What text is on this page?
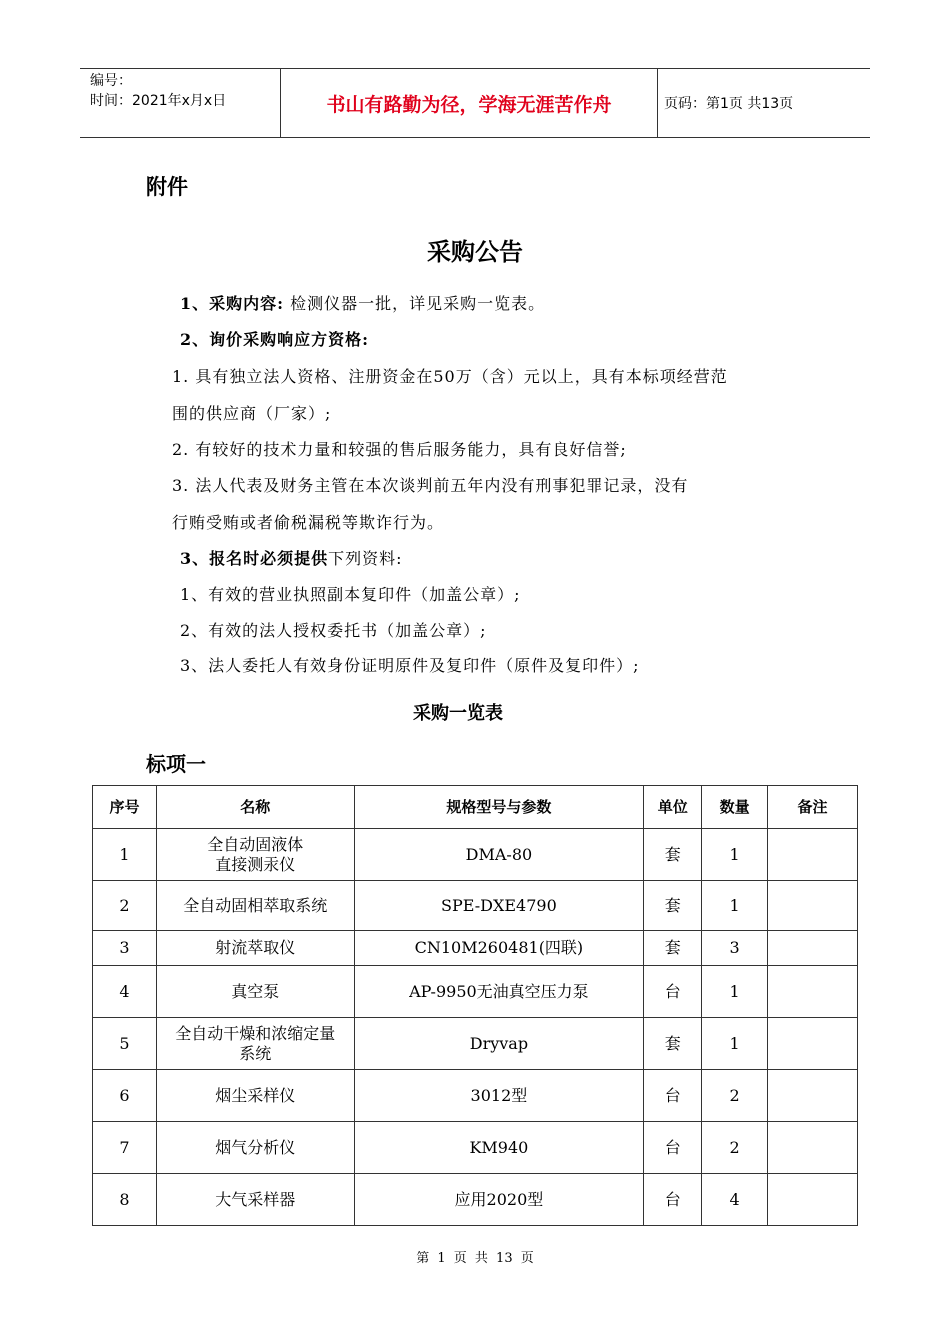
编号：
时间：2021年x月x日	书山有路勤为径，学海无涯苦作舟	页码：第1页 共13页
附件
采购公告
1、采购内容: 检测仪器一批，详见采购一览表。
2、询价采购响应方资格:
1. 具有独立法人资格、注册资金在50万（含）元以上，具有本标项经营范
围的供应商（厂家）;
2. 有较好的技术力量和较强的售后服务能力，具有良好信誉;
3. 法人代表及财务主管在本次谈判前五年内没有刑事犯罪记录，没有
行贿受贿或者偷税漏税等欺诈行为。
3、报名时必须提供下列资料:
1、有效的营业执照副本复印件（加盖公章）;
2、有效的法人授权委托书（加盖公章）;
3、法人委托人有效身份证明原件及复印件（原件及复印件）;
采购一览表
标项一
序号	名称	规格型号与参数	单位	数量	备注
1	全自动固液体
直接测汞仪	DMA-80	套	1	
2	全自动固相萃取系统	SPE-DXE4790	套	1	
3	射流萃取仪	CN10M260481(四联)	套	3	
4	真空泵	AP-9950无油真空压力泵	台	1	
5	全自动干燥和浓缩定量
系统	Dryvap	套	1	
6	烟尘采样仪	3012型	台	2	
7	烟气分析仪	KM940	台	2	
8	大气采样器	应用2020型	台	4	
第 1 页 共 13 页
